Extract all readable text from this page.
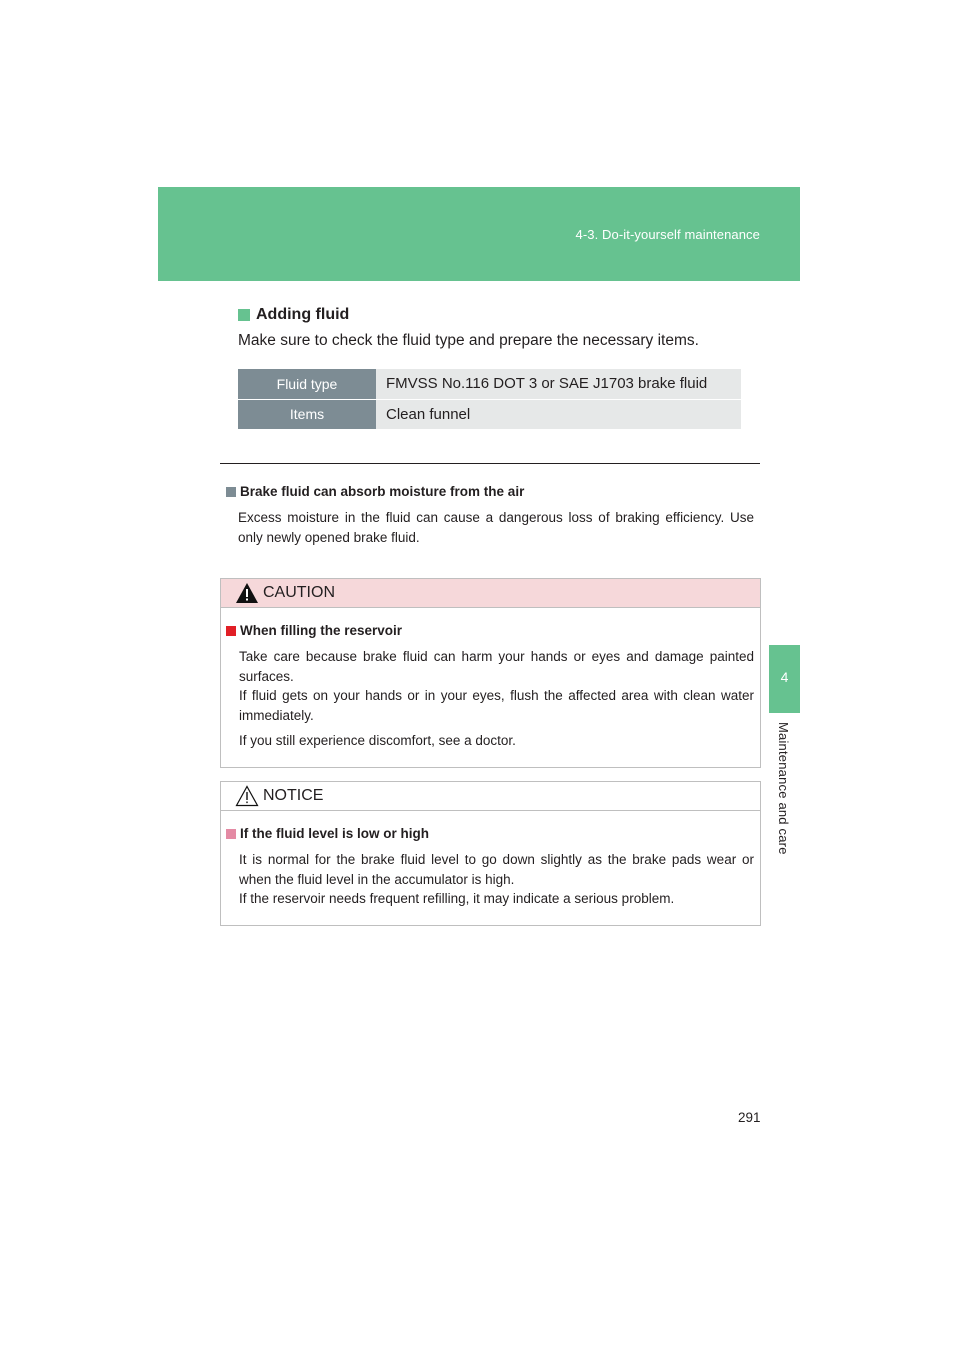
4-3. Do-it-yourself maintenance
4
Maintenance and care
Adding fluid
Make sure to check the fluid type and prepare the necessary items.
Fluid type	FMVSS No.116 DOT 3 or SAE J1703 brake fluid
Items	Clean funnel
Brake fluid can absorb moisture from the air
Excess moisture in the fluid can cause a dangerous loss of braking efficiency. Use only newly opened brake fluid.
CAUTION
When filling the reservoir

Take care because brake fluid can harm your hands or eyes and damage painted surfaces.

If fluid gets on your hands or in your eyes, flush the affected area with clean water immediately.

If you still experience discomfort, see a doctor.

NOTICE
If the fluid level is low or high

It is normal for the brake fluid level to go down slightly as the brake pads wear or when the fluid level in the accumulator is high.

If the reservoir needs frequent refilling, it may indicate a serious problem.

291
